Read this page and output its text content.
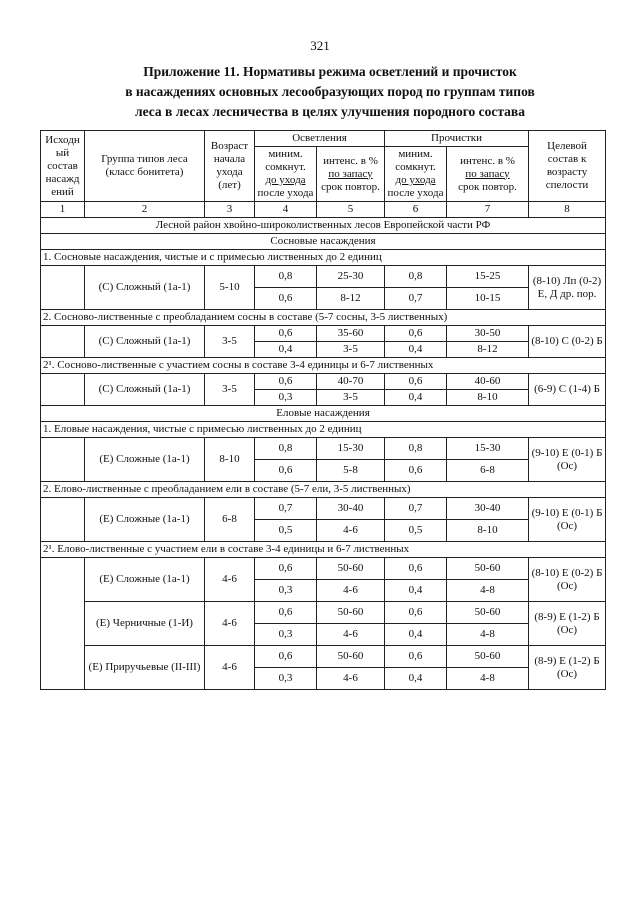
321
Приложение 11. Нормативы режима осветлений и прочисток
в насаждениях основных лесообразующих пород по группам типов
леса в лесах лесничества в целях улучшения породного состава
Исходн ый состав насажд ений	Группа типов леса (класс бонитета)	Возраст начала ухода (лет)	Осветления		Прочистки		Целевой состав к возрасту спелости
			миним. сомкнут.
до ухода
после ухода	интенс. в %
по запасу
срок повтор.	миним. сомкнут.
до ухода
после ухода	интенс. в %
по запасу
срок повтор.	
1	2	3	4	5	6	7	8
Лесной район хвойно-широколиственных лесов Европейской части РФ							
Сосновые насаждения							
1. Сосновые насаждения, чистые и с примесью лиственных до 2 единиц							
	(С) Сложный (1а-1)	5-10	0,8	25-30	0,8	15-25	(8-10) Лп (0-2) Е, Д др. пор.
			0,6	8-12	0,7	10-15	
2. Сосново-лиственные с преобладанием сосны в составе (5-7 сосны, 3-5 лиственных)							
	(С) Сложный (1а-1)	3-5	0,6	35-60	0,6	30-50	(8-10) С (0-2) Б
			0,4	3-5	0,4	8-12	
2¹. Сосново-лиственные с участием сосны в составе 3-4 единицы и 6-7 лиственных							
	(С) Сложный (1а-1)	3-5	0,6	40-70	0,6	40-60	(6-9) С (1-4) Б
			0,3	3-5	0,4	8-10	
Еловые насаждения							
1. Еловые насаждения, чистые с примесью лиственных до 2 единиц							
	(Е) Сложные (1а-1)	8-10	0,8	15-30	0,8	15-30	(9-10) Е (0-1) Б (Ос)
			0,6	5-8	0,6	6-8	
2. Елово-лиственные с преобладанием ели в составе (5-7 ели, 3-5 лиственных)							
	(Е) Сложные (1а-1)	6-8	0,7	30-40	0,7	30-40	(9-10) Е (0-1) Б (Ос)
			0,5	4-6	0,5	8-10	
2¹. Елово-лиственные с участием ели в составе 3-4 единицы и 6-7 лиственных							
	(Е) Сложные (1а-1)	4-6	0,6	50-60	0,6	50-60	(8-10) Е (0-2) Б (Ос)
			0,3	4-6	0,4	4-8	
	(Е) Черничные (1-И)	4-6	0,6	50-60	0,6	50-60	(8-9) Е (1-2) Б (Ос)
			0,3	4-6	0,4	4-8	
	(Е) Приручьевые (II-III)	4-6	0,6	50-60	0,6	50-60	(8-9) Е (1-2) Б (Ос)
			0,3	4-6	0,4	4-8	
